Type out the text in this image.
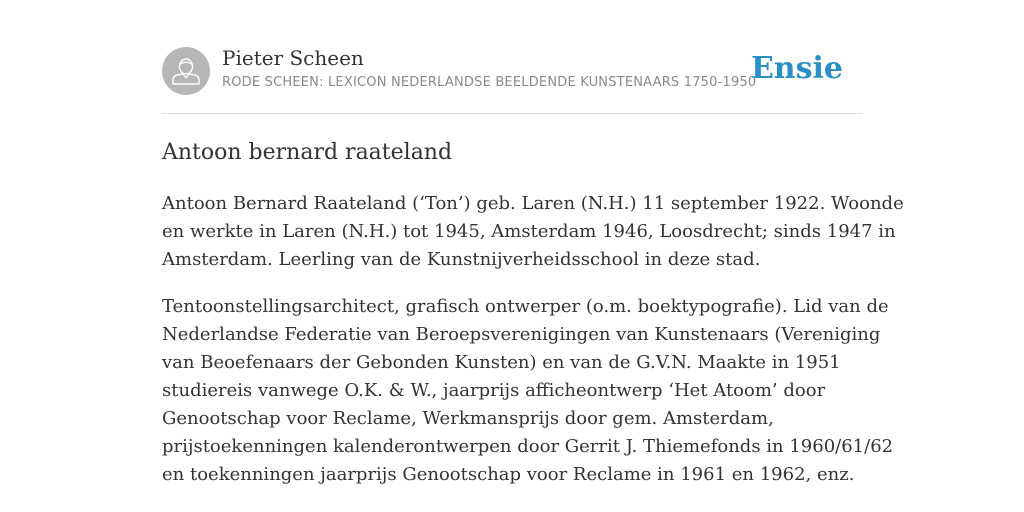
Pieter Scheen
RODE SCHEEN: LEXICON NEDERLANDSE BEELDENDE KUNSTENAARS 1750-1950
Ensie
Antoon bernard raateland

Antoon Bernard Raateland (‘Ton’) geb. Laren (N.H.) 11 september 1922. Woonde
en werkte in Laren (N.H.) tot 1945, Amsterdam 1946, Loosdrecht; sinds 1947 in
Amsterdam. Leerling van de Kunstnijverheidsschool in deze stad.

Tentoonstellingsarchitect, grafisch ontwerper (o.m. boektypografie). Lid van de
Nederlandse Federatie van Beroepsverenigingen van Kunstenaars (Vereniging
van Beoefenaars der Gebonden Kunsten) en van de G.V.N. Maakte in 1951
studiereis vanwege O.K. & W., jaarprijs afficheontwerp ‘Het Atoom’ door
Genootschap voor Reclame, Werkmansprijs door gem. Amsterdam,
prijstoekenningen kalenderontwerpen door Gerrit J. Thiemefonds in 1960/61/62
en toekenningen jaarprijs Genootschap voor Reclame in 1961 en 1962, enz.
